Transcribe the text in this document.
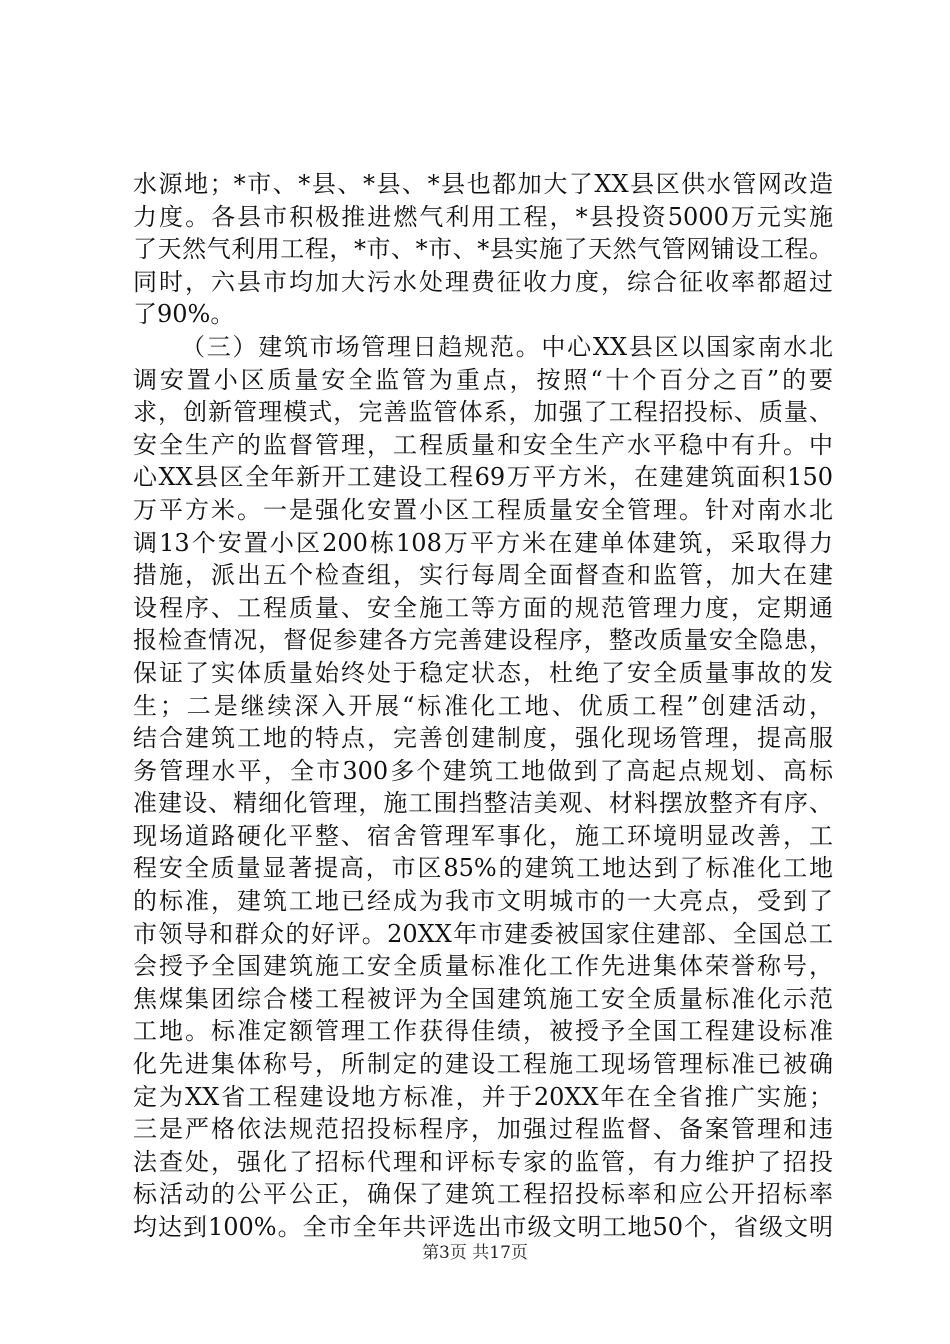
水源地；*市、*县、*县、*县也都加大了XX县区供水管网改造
力度。各县市积极推进燃气利用工程，*县投资5000万元实施
了天然气利用工程，*市、*市、*县实施了天然气管网铺设工程。
同时，六县市均加大污水处理费征收力度，综合征收率都超过
了90%。
（三）建筑市场管理日趋规范。中心XX县区以国家南水北
调安置小区质量安全监管为重点，按照“十个百分之百”的要
求，创新管理模式，完善监管体系，加强了工程招投标、质量、
安全生产的监督管理，工程质量和安全生产水平稳中有升。中
心XX县区全年新开工建设工程69万平方米，在建建筑面积150
万平方米。一是强化安置小区工程质量安全管理。针对南水北
调13个安置小区200栋108万平方米在建单体建筑，采取得力
措施，派出五个检查组，实行每周全面督查和监管，加大在建
设程序、工程质量、安全施工等方面的规范管理力度，定期通
报检查情况，督促参建各方完善建设程序，整改质量安全隐患，
保证了实体质量始终处于稳定状态，杜绝了安全质量事故的发
生；二是继续深入开展“标准化工地、优质工程”创建活动，
结合建筑工地的特点，完善创建制度，强化现场管理，提高服
务管理水平，全市300多个建筑工地做到了高起点规划、高标
准建设、精细化管理，施工围挡整洁美观、材料摆放整齐有序、
现场道路硬化平整、宿舍管理军事化，施工环境明显改善，工
程安全质量显著提高，市区85%的建筑工地达到了标准化工地
的标准，建筑工地已经成为我市文明城市的一大亮点，受到了
市领导和群众的好评。20XX年市建委被国家住建部、全国总工
会授予全国建筑施工安全质量标准化工作先进集体荣誉称号，
焦煤集团综合楼工程被评为全国建筑施工安全质量标准化示范
工地。标准定额管理工作获得佳绩，被授予全国工程建设标准
化先进集体称号，所制定的建设工程施工现场管理标准已被确
定为XX省工程建设地方标准，并于20XX年在全省推广实施；
三是严格依法规范招投标程序，加强过程监督、备案管理和违
法查处，强化了招标代理和评标专家的监管，有力维护了招投
标活动的公平公正，确保了建筑工程招投标率和应公开招标率
均达到100%。全市全年共评选出市级文明工地50个，省级文明
第3页 共17页
